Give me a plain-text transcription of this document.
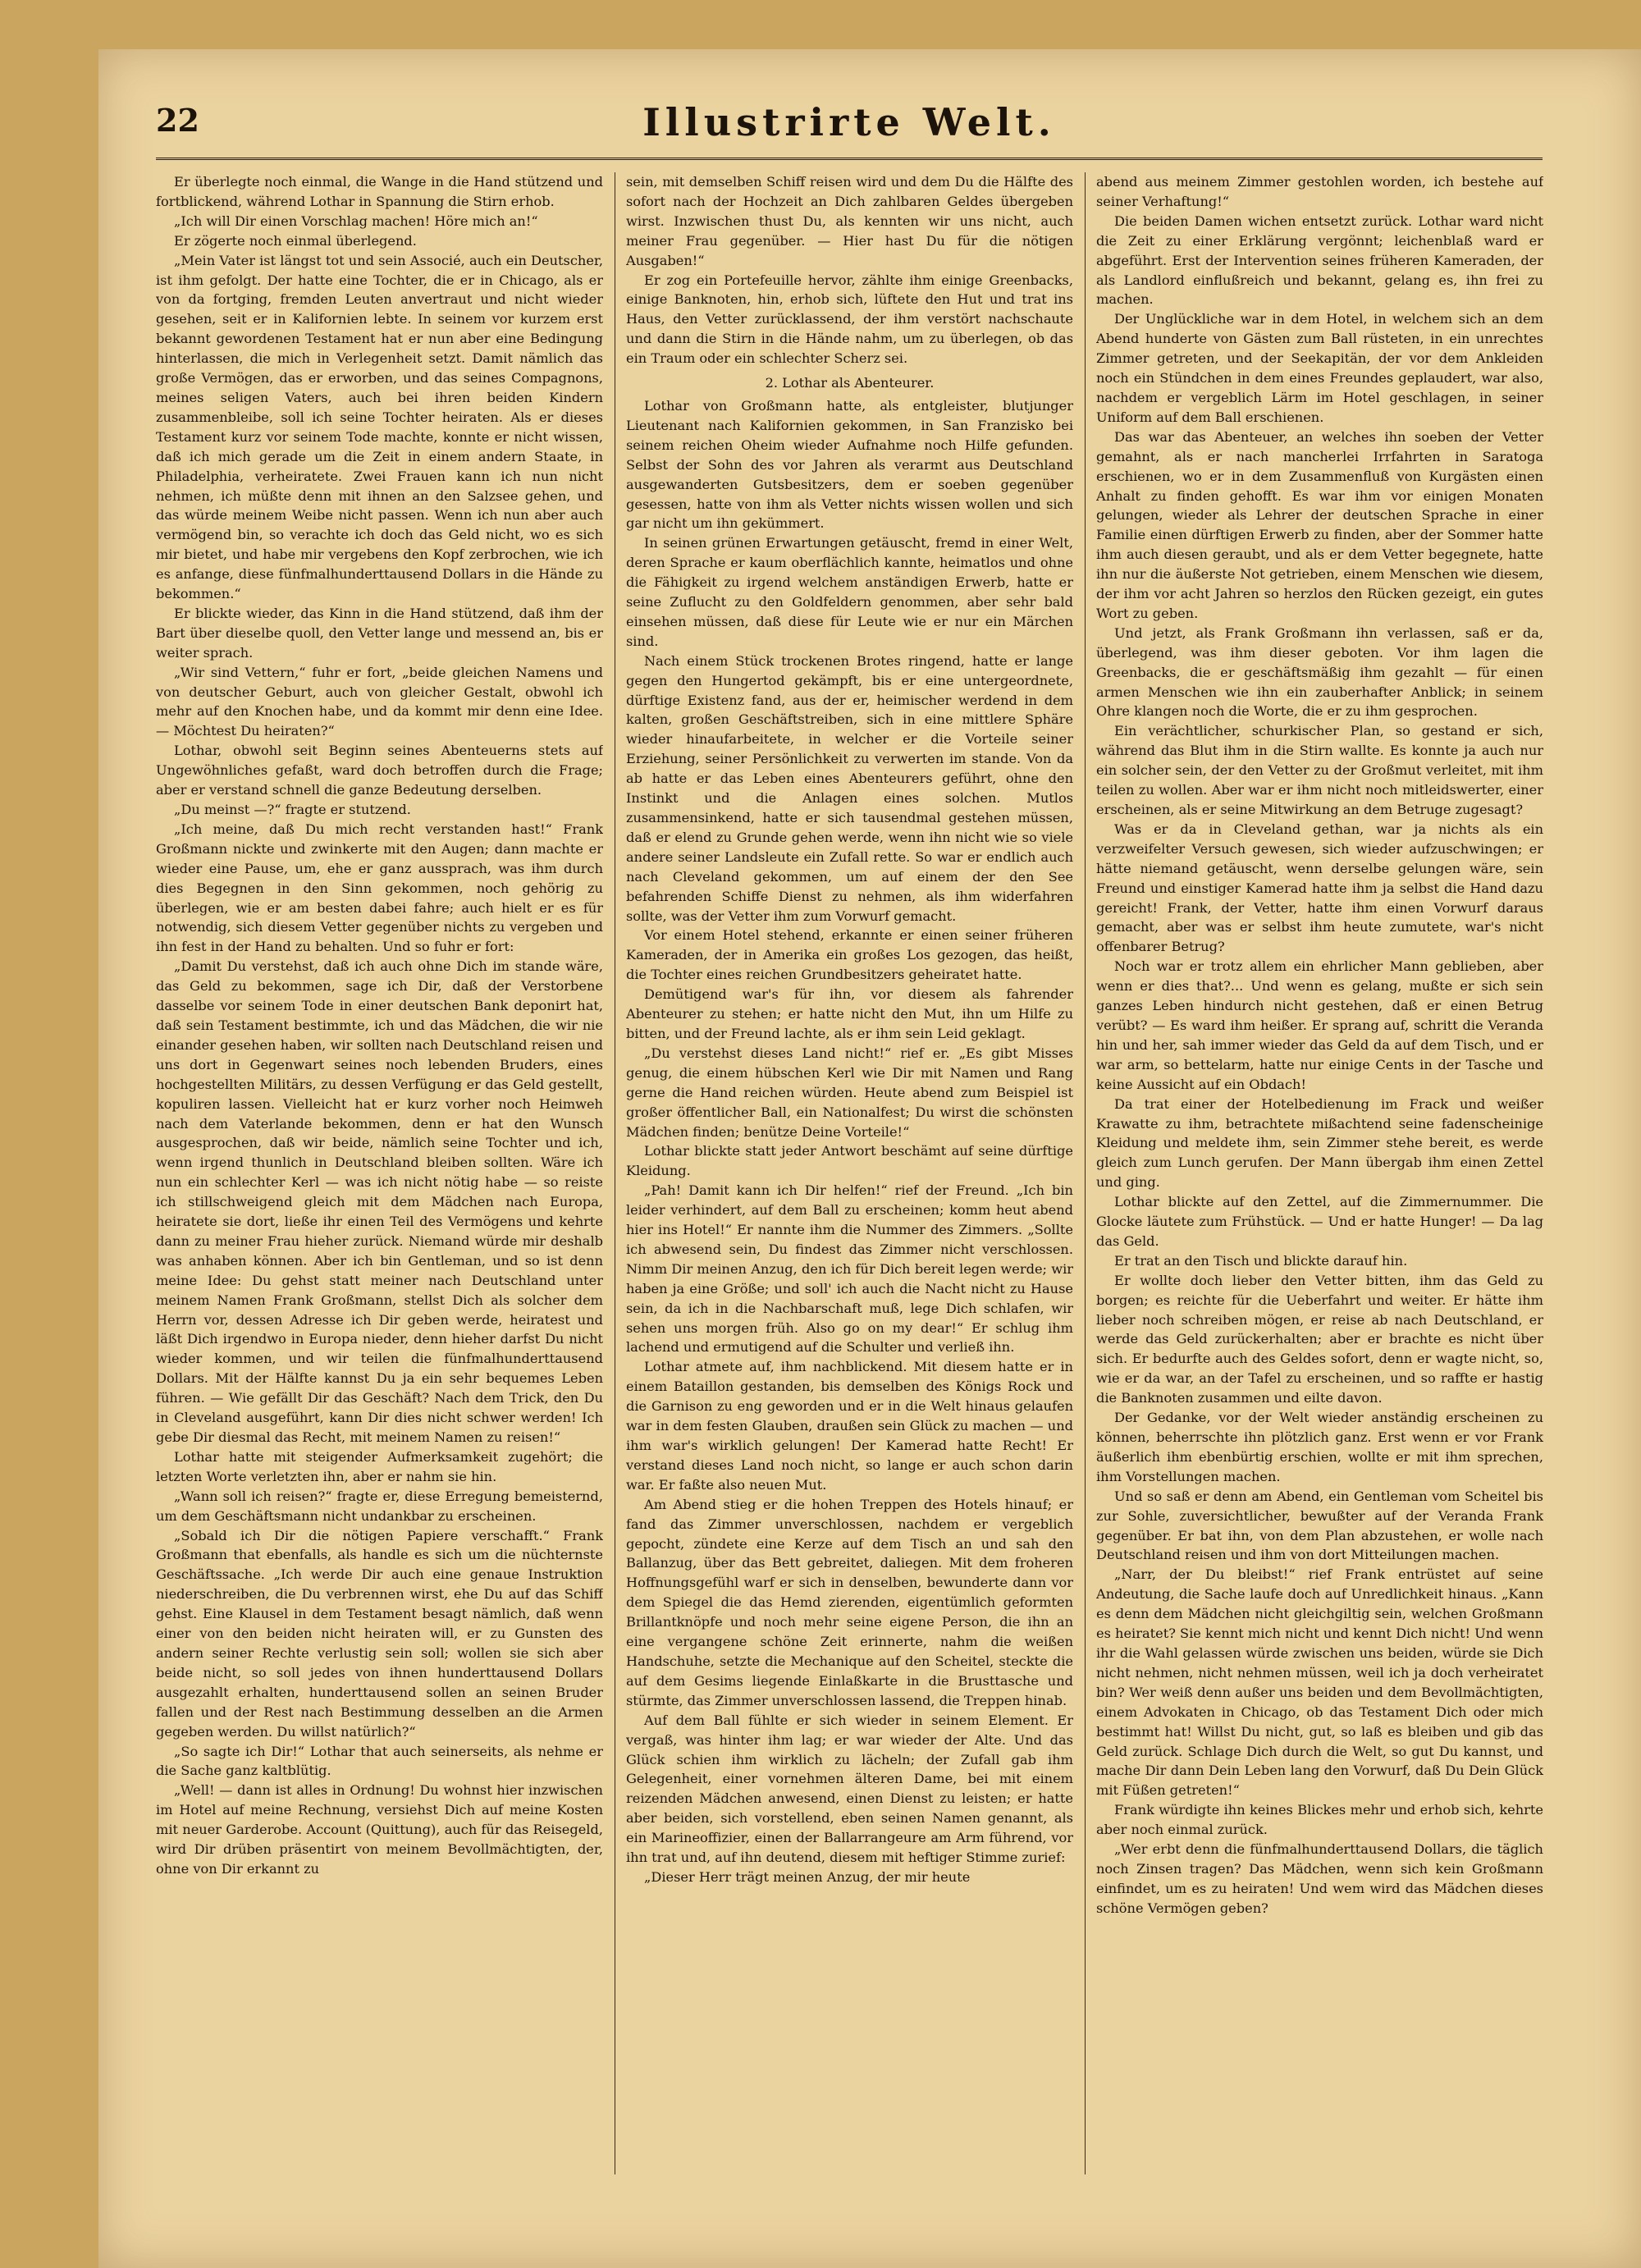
22	Illustrirte Welt.

Er überlegte noch einmal, die Wange in die Hand stützend und fortblickend, während Lothar in Spannung die Stirn erhob.

„Ich will Dir einen Vorschlag machen! Höre mich an!“

Er zögerte noch einmal überlegend.

„Mein Vater ist längst tot und sein Associé, auch ein Deutscher, ist ihm gefolgt. Der hatte eine Tochter, die er in Chicago, als er von da fortging, fremden Leuten anvertraut und nicht wieder gesehen, seit er in Kalifornien lebte. In seinem vor kurzem erst bekannt gewordenen Testament hat er nun aber eine Bedingung hinterlassen, die mich in Verlegenheit setzt. Damit nämlich das große Vermögen, das er erworben, und das seines Compagnons, meines seligen Vaters, auch bei ihren beiden Kindern zusammenbleibe, soll ich seine Tochter heiraten. Als er dieses Testament kurz vor seinem Tode machte, konnte er nicht wissen, daß ich mich gerade um die Zeit in einem andern Staate, in Philadelphia, verheiratete. Zwei Frauen kann ich nun nicht nehmen, ich müßte denn mit ihnen an den Salzsee gehen, und das würde meinem Weibe nicht passen. Wenn ich nun aber auch vermögend bin, so verachte ich doch das Geld nicht, wo es sich mir bietet, und habe mir vergebens den Kopf zerbrochen, wie ich es anfange, diese fünfmalhunderttausend Dollars in die Hände zu bekommen.“

Er blickte wieder, das Kinn in die Hand stützend, daß ihm der Bart über dieselbe quoll, den Vetter lange und messend an, bis er weiter sprach.

„Wir sind Vettern,“ fuhr er fort, „beide gleichen Namens und von deutscher Geburt, auch von gleicher Gestalt, obwohl ich mehr auf den Knochen habe, und da kommt mir denn eine Idee. — Möchtest Du heiraten?“

Lothar, obwohl seit Beginn seines Abenteuerns stets auf Ungewöhnliches gefaßt, ward doch betroffen durch die Frage; aber er verstand schnell die ganze Bedeutung derselben.

„Du meinst —?“ fragte er stutzend.

„Ich meine, daß Du mich recht verstanden hast!“ Frank Großmann nickte und zwinkerte mit den Augen; dann machte er wieder eine Pause, um, ehe er ganz aussprach, was ihm durch dies Begegnen in den Sinn gekommen, noch gehörig zu überlegen, wie er am besten dabei fahre; auch hielt er es für notwendig, sich diesem Vetter gegenüber nichts zu vergeben und ihn fest in der Hand zu behalten. Und so fuhr er fort:

„Damit Du verstehst, daß ich auch ohne Dich im stande wäre, das Geld zu bekommen, sage ich Dir, daß der Verstorbene dasselbe vor seinem Tode in einer deutschen Bank deponirt hat, daß sein Testament bestimmte, ich und das Mädchen, die wir nie einander gesehen haben, wir sollten nach Deutschland reisen und uns dort in Gegenwart seines noch lebenden Bruders, eines hochgestellten Militärs, zu dessen Verfügung er das Geld gestellt, kopuliren lassen. Vielleicht hat er kurz vorher noch Heimweh nach dem Vaterlande bekommen, denn er hat den Wunsch ausgesprochen, daß wir beide, nämlich seine Tochter und ich, wenn irgend thunlich in Deutschland bleiben sollten. Wäre ich nun ein schlechter Kerl — was ich nicht nötig habe — so reiste ich stillschweigend gleich mit dem Mädchen nach Europa, heiratete sie dort, ließe ihr einen Teil des Vermögens und kehrte dann zu meiner Frau hieher zurück. Niemand würde mir deshalb was anhaben können. Aber ich bin Gentleman, und so ist denn meine Idee: Du gehst statt meiner nach Deutschland unter meinem Namen Frank Großmann, stellst Dich als solcher dem Herrn vor, dessen Adresse ich Dir geben werde, heiratest und läßt Dich irgendwo in Europa nieder, denn hieher darfst Du nicht wieder kommen, und wir teilen die fünfmalhunderttausend Dollars. Mit der Hälfte kannst Du ja ein sehr bequemes Leben führen. — Wie gefällt Dir das Geschäft? Nach dem Trick, den Du in Cleveland ausgeführt, kann Dir dies nicht schwer werden! Ich gebe Dir diesmal das Recht, mit meinem Namen zu reisen!“

Lothar hatte mit steigender Aufmerksamkeit zugehört; die letzten Worte verletzten ihn, aber er nahm sie hin.

„Wann soll ich reisen?“ fragte er, diese Erregung bemeisternd, um dem Geschäftsmann nicht undankbar zu erscheinen.

„Sobald ich Dir die nötigen Papiere verschafft.“ Frank Großmann that ebenfalls, als handle es sich um die nüchternste Geschäftssache. „Ich werde Dir auch eine genaue Instruktion niederschreiben, die Du verbrennen wirst, ehe Du auf das Schiff gehst. Eine Klausel in dem Testament besagt nämlich, daß wenn einer von den beiden nicht heiraten will, er zu Gunsten des andern seiner Rechte verlustig sein soll; wollen sie sich aber beide nicht, so soll jedes von ihnen hunderttausend Dollars ausgezahlt erhalten, hunderttausend sollen an seinen Bruder fallen und der Rest nach Bestimmung desselben an die Armen gegeben werden. Du willst natürlich?“

„So sagte ich Dir!“ Lothar that auch seinerseits, als nehme er die Sache ganz kaltblütig.

„Well! — dann ist alles in Ordnung! Du wohnst hier inzwischen im Hotel auf meine Rechnung, versiehst Dich auf meine Kosten mit neuer Garderobe. Account (Quittung), auch für das Reisegeld, wird Dir drüben präsentirt von meinem Bevollmächtigten, der, ohne von Dir erkannt zu

sein, mit demselben Schiff reisen wird und dem Du die Hälfte des sofort nach der Hochzeit an Dich zahlbaren Geldes übergeben wirst. Inzwischen thust Du, als kennten wir uns nicht, auch meiner Frau gegenüber. — Hier hast Du für die nötigen Ausgaben!“

Er zog ein Portefeuille hervor, zählte ihm einige Greenbacks, einige Banknoten, hin, erhob sich, lüftete den Hut und trat ins Haus, den Vetter zurücklassend, der ihm verstört nachschaute und dann die Stirn in die Hände nahm, um zu überlegen, ob das ein Traum oder ein schlechter Scherz sei.

2. Lothar als Abenteurer.

Lothar von Großmann hatte, als entgleister, blutjunger Lieutenant nach Kalifornien gekommen, in San Franzisko bei seinem reichen Oheim wieder Aufnahme noch Hilfe gefunden. Selbst der Sohn des vor Jahren als verarmt aus Deutschland ausgewanderten Gutsbesitzers, dem er soeben gegenüber gesessen, hatte von ihm als Vetter nichts wissen wollen und sich gar nicht um ihn gekümmert.

In seinen grünen Erwartungen getäuscht, fremd in einer Welt, deren Sprache er kaum oberflächlich kannte, heimatlos und ohne die Fähigkeit zu irgend welchem anständigen Erwerb, hatte er seine Zuflucht zu den Goldfeldern genommen, aber sehr bald einsehen müssen, daß diese für Leute wie er nur ein Märchen sind.

Nach einem Stück trockenen Brotes ringend, hatte er lange gegen den Hungertod gekämpft, bis er eine untergeordnete, dürftige Existenz fand, aus der er, heimischer werdend in dem kalten, großen Geschäftstreiben, sich in eine mittlere Sphäre wieder hinaufarbeitete, in welcher er die Vorteile seiner Erziehung, seiner Persönlichkeit zu verwerten im stande. Von da ab hatte er das Leben eines Abenteurers geführt, ohne den Instinkt und die Anlagen eines solchen. Mutlos zusammensinkend, hatte er sich tausendmal gestehen müssen, daß er elend zu Grunde gehen werde, wenn ihn nicht wie so viele andere seiner Landsleute ein Zufall rette. So war er endlich auch nach Cleveland gekommen, um auf einem der den See befahrenden Schiffe Dienst zu nehmen, als ihm widerfahren sollte, was der Vetter ihm zum Vorwurf gemacht.

Vor einem Hotel stehend, erkannte er einen seiner früheren Kameraden, der in Amerika ein großes Los gezogen, das heißt, die Tochter eines reichen Grundbesitzers geheiratet hatte.

Demütigend war's für ihn, vor diesem als fahrender Abenteurer zu stehen; er hatte nicht den Mut, ihn um Hilfe zu bitten, und der Freund lachte, als er ihm sein Leid geklagt.

„Du verstehst dieses Land nicht!“ rief er. „Es gibt Misses genug, die einem hübschen Kerl wie Dir mit Namen und Rang gerne die Hand reichen würden. Heute abend zum Beispiel ist großer öffentlicher Ball, ein Nationalfest; Du wirst die schönsten Mädchen finden; benütze Deine Vorteile!“

Lothar blickte statt jeder Antwort beschämt auf seine dürftige Kleidung.

„Pah! Damit kann ich Dir helfen!“ rief der Freund. „Ich bin leider verhindert, auf dem Ball zu erscheinen; komm heut abend hier ins Hotel!“ Er nannte ihm die Nummer des Zimmers. „Sollte ich abwesend sein, Du findest das Zimmer nicht verschlossen. Nimm Dir meinen Anzug, den ich für Dich bereit legen werde; wir haben ja eine Größe; und soll' ich auch die Nacht nicht zu Hause sein, da ich in die Nachbarschaft muß, lege Dich schlafen, wir sehen uns morgen früh. Also go on my dear!“ Er schlug ihm lachend und ermutigend auf die Schulter und verließ ihn.

Lothar atmete auf, ihm nachblickend. Mit diesem hatte er in einem Bataillon gestanden, bis demselben des Königs Rock und die Garnison zu eng geworden und er in die Welt hinaus gelaufen war in dem festen Glauben, draußen sein Glück zu machen — und ihm war's wirklich gelungen! Der Kamerad hatte Recht! Er verstand dieses Land noch nicht, so lange er auch schon darin war. Er faßte also neuen Mut.

Am Abend stieg er die hohen Treppen des Hotels hinauf; er fand das Zimmer unverschlossen, nachdem er vergeblich gepocht, zündete eine Kerze auf dem Tisch an und sah den Ballanzug, über das Bett gebreitet, daliegen. Mit dem froheren Hoffnungsgefühl warf er sich in denselben, bewunderte dann vor dem Spiegel die das Hemd zierenden, eigentümlich geformten Brillantknöpfe und noch mehr seine eigene Person, die ihn an eine vergangene schöne Zeit erinnerte, nahm die weißen Handschuhe, setzte die Mechanique auf den Scheitel, steckte die auf dem Gesims liegende Einlaßkarte in die Brusttasche und stürmte, das Zimmer unverschlossen lassend, die Treppen hinab.

Auf dem Ball fühlte er sich wieder in seinem Element. Er vergaß, was hinter ihm lag; er war wieder der Alte. Und das Glück schien ihm wirklich zu lächeln; der Zufall gab ihm Gelegenheit, einer vornehmen älteren Dame, bei mit einem reizenden Mädchen anwesend, einen Dienst zu leisten; er hatte aber beiden, sich vorstellend, eben seinen Namen genannt, als ein Marineoffizier, einen der Ballarrangeure am Arm führend, vor ihn trat und, auf ihn deutend, diesem mit heftiger Stimme zurief:

„Dieser Herr trägt meinen Anzug, der mir heute

abend aus meinem Zimmer gestohlen worden, ich bestehe auf seiner Verhaftung!“

Die beiden Damen wichen entsetzt zurück. Lothar ward nicht die Zeit zu einer Erklärung vergönnt; leichenblaß ward er abgeführt. Erst der Intervention seines früheren Kameraden, der als Landlord einflußreich und bekannt, gelang es, ihn frei zu machen.

Der Unglückliche war in dem Hotel, in welchem sich an dem Abend hunderte von Gästen zum Ball rüsteten, in ein unrechtes Zimmer getreten, und der Seekapitän, der vor dem Ankleiden noch ein Stündchen in dem eines Freundes geplaudert, war also, nachdem er vergeblich Lärm im Hotel geschlagen, in seiner Uniform auf dem Ball erschienen.

Das war das Abenteuer, an welches ihn soeben der Vetter gemahnt, als er nach mancherlei Irrfahrten in Saratoga erschienen, wo er in dem Zusammenfluß von Kurgästen einen Anhalt zu finden gehofft. Es war ihm vor einigen Monaten gelungen, wieder als Lehrer der deutschen Sprache in einer Familie einen dürftigen Erwerb zu finden, aber der Sommer hatte ihm auch diesen geraubt, und als er dem Vetter begegnete, hatte ihn nur die äußerste Not getrieben, einem Menschen wie diesem, der ihm vor acht Jahren so herzlos den Rücken gezeigt, ein gutes Wort zu geben.

Und jetzt, als Frank Großmann ihn verlassen, saß er da, überlegend, was ihm dieser geboten. Vor ihm lagen die Greenbacks, die er geschäftsmäßig ihm gezahlt — für einen armen Menschen wie ihn ein zauberhafter Anblick; in seinem Ohre klangen noch die Worte, die er zu ihm gesprochen.

Ein verächtlicher, schurkischer Plan, so gestand er sich, während das Blut ihm in die Stirn wallte. Es konnte ja auch nur ein solcher sein, der den Vetter zu der Großmut verleitet, mit ihm teilen zu wollen. Aber war er ihm nicht noch mitleidswerter, einer erscheinen, als er seine Mitwirkung an dem Betruge zugesagt?

Was er da in Cleveland gethan, war ja nichts als ein verzweifelter Versuch gewesen, sich wieder aufzuschwingen; er hätte niemand getäuscht, wenn derselbe gelungen wäre, sein Freund und einstiger Kamerad hatte ihm ja selbst die Hand dazu gereicht! Frank, der Vetter, hatte ihm einen Vorwurf daraus gemacht, aber was er selbst ihm heute zumutete, war's nicht offenbarer Betrug?

Noch war er trotz allem ein ehrlicher Mann geblieben, aber wenn er dies that?... Und wenn es gelang, mußte er sich sein ganzes Leben hindurch nicht gestehen, daß er einen Betrug verübt? — Es ward ihm heißer. Er sprang auf, schritt die Veranda hin und her, sah immer wieder das Geld da auf dem Tisch, und er war arm, so bettelarm, hatte nur einige Cents in der Tasche und keine Aussicht auf ein Obdach!

Da trat einer der Hotelbedienung im Frack und weißer Krawatte zu ihm, betrachtete mißachtend seine fadenscheinige Kleidung und meldete ihm, sein Zimmer stehe bereit, es werde gleich zum Lunch gerufen. Der Mann übergab ihm einen Zettel und ging.

Lothar blickte auf den Zettel, auf die Zimmernummer. Die Glocke läutete zum Frühstück. — Und er hatte Hunger! — Da lag das Geld.

Er trat an den Tisch und blickte darauf hin.

Er wollte doch lieber den Vetter bitten, ihm das Geld zu borgen; es reichte für die Ueberfahrt und weiter. Er hätte ihm lieber noch schreiben mögen, er reise ab nach Deutschland, er werde das Geld zurückerhalten; aber er brachte es nicht über sich. Er bedurfte auch des Geldes sofort, denn er wagte nicht, so, wie er da war, an der Tafel zu erscheinen, und so raffte er hastig die Banknoten zusammen und eilte davon.

Der Gedanke, vor der Welt wieder anständig erscheinen zu können, beherrschte ihn plötzlich ganz. Erst wenn er vor Frank äußerlich ihm ebenbürtig erschien, wollte er mit ihm sprechen, ihm Vorstellungen machen.

Und so saß er denn am Abend, ein Gentleman vom Scheitel bis zur Sohle, zuversichtlicher, bewußter auf der Veranda Frank gegenüber. Er bat ihn, von dem Plan abzustehen, er wolle nach Deutschland reisen und ihm von dort Mitteilungen machen.

„Narr, der Du bleibst!“ rief Frank entrüstet auf seine Andeutung, die Sache laufe doch auf Unredlichkeit hinaus. „Kann es denn dem Mädchen nicht gleichgiltig sein, welchen Großmann es heiratet? Sie kennt mich nicht und kennt Dich nicht! Und wenn ihr die Wahl gelassen würde zwischen uns beiden, würde sie Dich nicht nehmen, nicht nehmen müssen, weil ich ja doch verheiratet bin? Wer weiß denn außer uns beiden und dem Bevollmächtigten, einem Advokaten in Chicago, ob das Testament Dich oder mich bestimmt hat! Willst Du nicht, gut, so laß es bleiben und gib das Geld zurück. Schlage Dich durch die Welt, so gut Du kannst, und mache Dir dann Dein Leben lang den Vorwurf, daß Du Dein Glück mit Füßen getreten!“

Frank würdigte ihn keines Blickes mehr und erhob sich, kehrte aber noch einmal zurück.

„Wer erbt denn die fünfmalhunderttausend Dollars, die täglich noch Zinsen tragen? Das Mädchen, wenn sich kein Großmann einfindet, um es zu heiraten! Und wem wird das Mädchen dieses schöne Vermögen geben?
